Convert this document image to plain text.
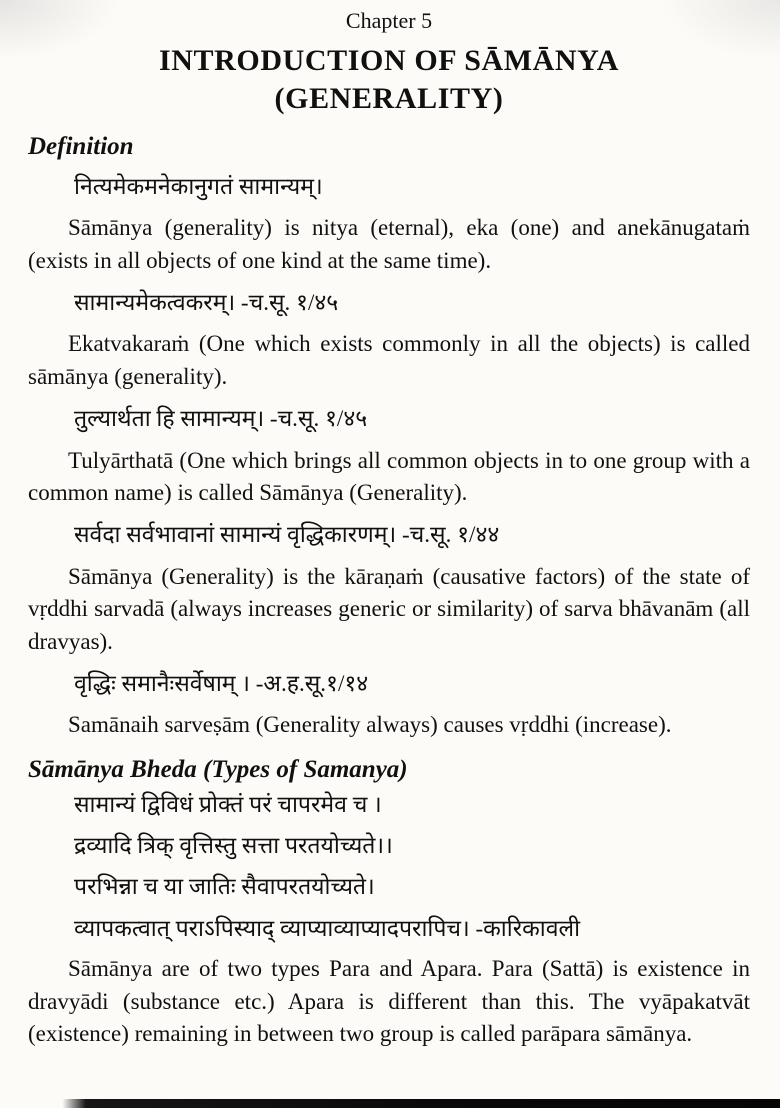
Chapter 5
INTRODUCTION OF SĀMĀNYA
(GENERALITY)
Definition

नित्यमेकमनेकानुगतं सामान्यम्।

Sāmānya (generality) is nitya (eternal), eka (one) and anekānugataṁ (exists in all objects of one kind at the same time).

सामान्यमेकत्वकरम्। -च.सू. १/४५

Ekatvakaraṁ (One which exists commonly in all the objects) is called sāmānya (generality).

तुल्यार्थता हि सामान्यम्। -च.सू. १/४५

Tulyārthatā (One which brings all common objects in to one group with a common name) is called Sāmānya (Generality).

सर्वदा सर्वभावानां सामान्यं वृद्धिकारणम्। -च.सू. १/४४

Sāmānya (Generality) is the kāraṇaṁ (causative factors) of the state of vṛddhi sarvadā (always increases generic or similarity) of sarva bhāvanām (all dravyas).

वृद्धिः समानैःसर्वेषाम् । -अ.ह.सू.१/१४

Samānaih sarveṣām (Generality always) causes vṛddhi (increase).

Sāmānya Bheda (Types of Samanya)

सामान्यं द्विविधं प्रोक्तं परं चापरमेव च ।

द्रव्यादि त्रिक् वृत्तिस्तु सत्ता परतयोच्यते।।

परभिन्ना च या जातिः सैवापरतयोच्यते।

व्यापकत्वात् पराऽपिस्याद् व्याप्याव्याप्यादपरापिच। -कारिकावली

Sāmānya are of two types Para and Apara. Para (Sattā) is existence in dravyādi (substance etc.) Apara is different than this. The vyāpakatvāt (existence) remaining in between two group is called parāpara sāmānya.
